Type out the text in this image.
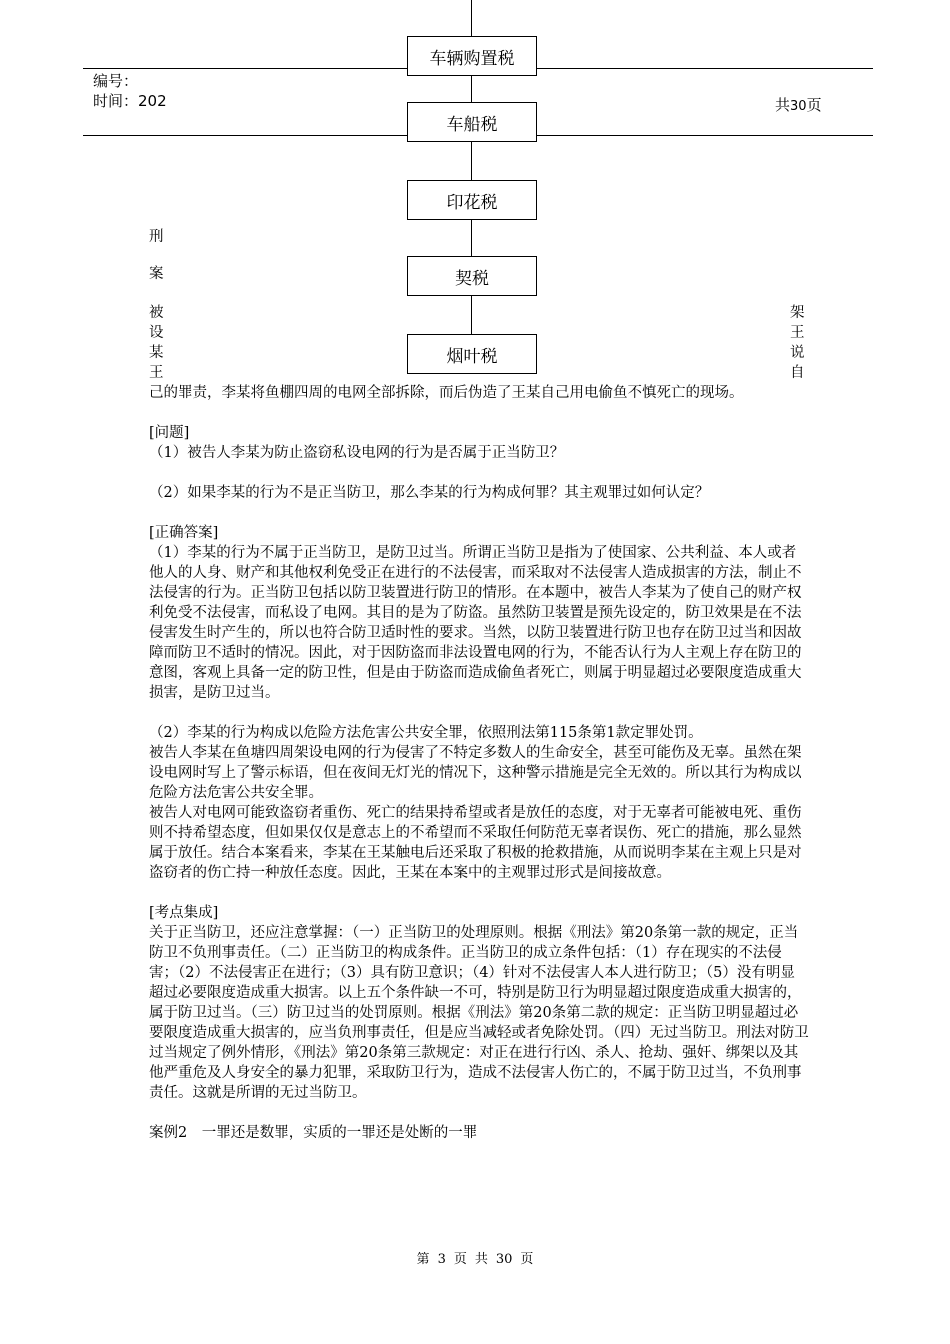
编号：
时间：202	共30页
刑
案
被
设
某
王
架
王
说
自
车辆购置税
车船税
印花税
契税
烟叶税

己的罪责，李某将鱼棚四周的电网全部拆除，而后伪造了王某自己用电偷鱼不慎死亡的现场。

[问题]

（1）被告人李某为防止盗窃私设电网的行为是否属于正当防卫？

（2）如果李某的行为不是正当防卫，那么李某的行为构成何罪？其主观罪过如何认定？

[正确答案]

（1）李某的行为不属于正当防卫，是防卫过当。所谓正当防卫是指为了使国家、公共利益、本人或者他人的人身、财产和其他权利免受正在进行的不法侵害，而采取对不法侵害人造成损害的方法，制止不法侵害的行为。正当防卫包括以防卫装置进行防卫的情形。在本题中，被告人李某为了使自己的财产权利免受不法侵害，而私设了电网。其目的是为了防盗。虽然防卫装置是预先设定的，防卫效果是在不法侵害发生时产生的，所以也符合防卫适时性的要求。当然，以防卫装置进行防卫也存在防卫过当和因故障而防卫不适时的情况。因此，对于因防盗而非法设置电网的行为，不能否认行为人主观上存在防卫的意图，客观上具备一定的防卫性，但是由于防盗而造成偷鱼者死亡，则属于明显超过必要限度造成重大损害，是防卫过当。

（2）李某的行为构成以危险方法危害公共安全罪，依照刑法第115条第1款定罪处罚。

被告人李某在鱼塘四周架设电网的行为侵害了不特定多数人的生命安全，甚至可能伤及无辜。虽然在架设电网时写上了警示标语，但在夜间无灯光的情况下，这种警示措施是完全无效的。所以其行为构成以危险方法危害公共安全罪。

被告人对电网可能致盗窃者重伤、死亡的结果持希望或者是放任的态度，对于无辜者可能被电死、重伤则不持希望态度，但如果仅仅是意志上的不希望而不采取任何防范无辜者误伤、死亡的措施，那么显然属于放任。结合本案看来，李某在王某触电后还采取了积极的抢救措施，从而说明李某在主观上只是对盗窃者的伤亡持一种放任态度。因此，王某在本案中的主观罪过形式是间接故意。

[考点集成]

关于正当防卫，还应注意掌握：（一）正当防卫的处理原则。根据《刑法》第20条第一款的规定，正当防卫不负刑事责任。（二）正当防卫的构成条件。正当防卫的成立条件包括：（1）存在现实的不法侵害；（2）不法侵害正在进行；（3）具有防卫意识；（4）针对不法侵害人本人进行防卫；（5）没有明显超过必要限度造成重大损害。以上五个条件缺一不可，特别是防卫行为明显超过限度造成重大损害的，属于防卫过当。（三）防卫过当的处罚原则。根据《刑法》第20条第二款的规定：正当防卫明显超过必要限度造成重大损害的，应当负刑事责任，但是应当减轻或者免除处罚。（四）无过当防卫。刑法对防卫过当规定了例外情形，《刑法》第20条第三款规定：对正在进行行凶、杀人、抢劫、强奸、绑架以及其他严重危及人身安全的暴力犯罪，采取防卫行为，造成不法侵害人伤亡的，不属于防卫过当，不负刑事责任。这就是所谓的无过当防卫。

案例2　一罪还是数罪，实质的一罪还是处断的一罪

第 3 页 共 30 页
